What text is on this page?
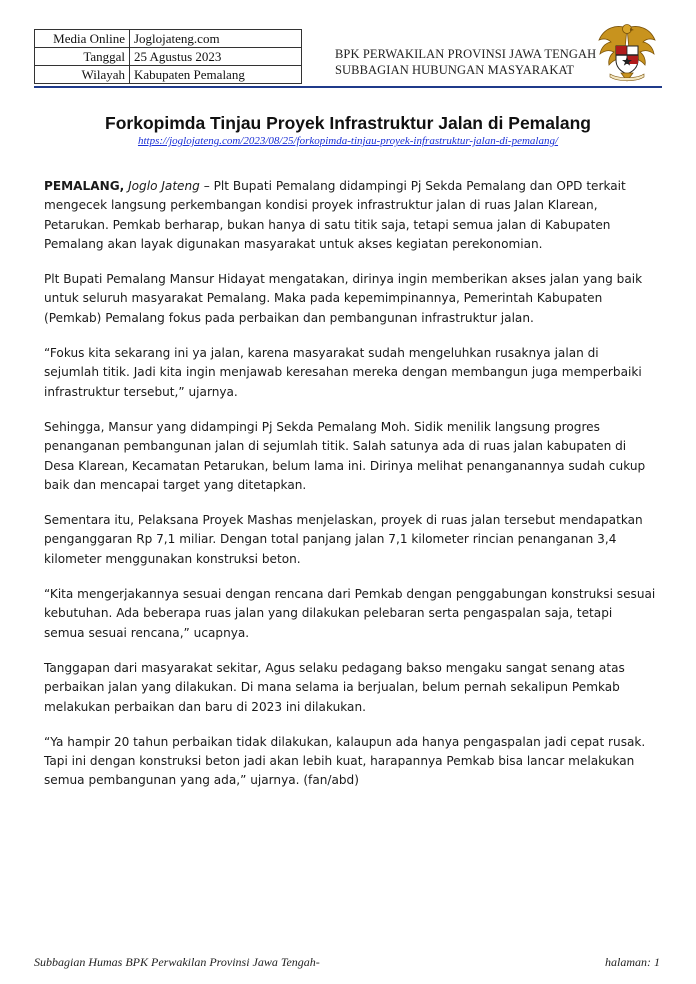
Media Online	Joglojateng.com
Tanggal	25 Agustus 2023
Wilayah	Kabupaten Pemalang
BPK PERWAKILAN PROVINSI JAWA TENGAH
SUBBAGIAN HUBUNGAN MASYARAKAT
Forkopimda Tinjau Proyek Infrastruktur Jalan di Pemalang
https://joglojateng.com/2023/08/25/forkopimda-tinjau-proyek-infrastruktur-jalan-di-pemalang/

PEMALANG, Joglo Jateng – Plt Bupati Pemalang didampingi Pj Sekda Pemalang dan OPD terkait mengecek langsung perkembangan kondisi proyek infrastruktur jalan di ruas Jalan Klarean, Petarukan. Pemkab berharap, bukan hanya di satu titik saja, tetapi semua jalan di Kabupaten Pemalang akan layak digunakan masyarakat untuk akses kegiatan perekonomian.

Plt Bupati Pemalang Mansur Hidayat mengatakan, dirinya ingin memberikan akses jalan yang baik untuk seluruh masyarakat Pemalang. Maka pada kepemimpinannya, Pemerintah Kabupaten (Pemkab) Pemalang fokus pada perbaikan dan pembangunan infrastruktur jalan.

“Fokus kita sekarang ini ya jalan, karena masyarakat sudah mengeluhkan rusaknya jalan di sejumlah titik. Jadi kita ingin menjawab keresahan mereka dengan membangun juga memperbaiki infrastruktur tersebut,” ujarnya.

Sehingga, Mansur yang didampingi Pj Sekda Pemalang Moh. Sidik menilik langsung progres penanganan pembangunan jalan di sejumlah titik. Salah satunya ada di ruas jalan kabupaten di Desa Klarean, Kecamatan Petarukan, belum lama ini. Dirinya melihat penanganannya sudah cukup baik dan mencapai target yang ditetapkan.

Sementara itu, Pelaksana Proyek Mashas menjelaskan, proyek di ruas jalan tersebut mendapatkan penganggaran Rp 7,1 miliar. Dengan total panjang jalan 7,1 kilometer rincian penanganan 3,4 kilometer menggunakan konstruksi beton.

“Kita mengerjakannya sesuai dengan rencana dari Pemkab dengan penggabungan konstruksi sesuai kebutuhan. Ada beberapa ruas jalan yang dilakukan pelebaran serta pengaspalan saja, tetapi semua sesuai rencana,” ucapnya.

Tanggapan dari masyarakat sekitar, Agus selaku pedagang bakso mengaku sangat senang atas perbaikan jalan yang dilakukan. Di mana selama ia berjualan, belum pernah sekalipun Pemkab melakukan perbaikan dan baru di 2023 ini dilakukan.

“Ya hampir 20 tahun perbaikan tidak dilakukan, kalaupun ada hanya pengaspalan jadi cepat rusak. Tapi ini dengan konstruksi beton jadi akan lebih kuat, harapannya Pemkab bisa lancar melakukan semua pembangunan yang ada,” ujarnya. (fan/abd)

Subbagian Humas BPK Perwakilan Provinsi Jawa Tengah-	halaman: 1
